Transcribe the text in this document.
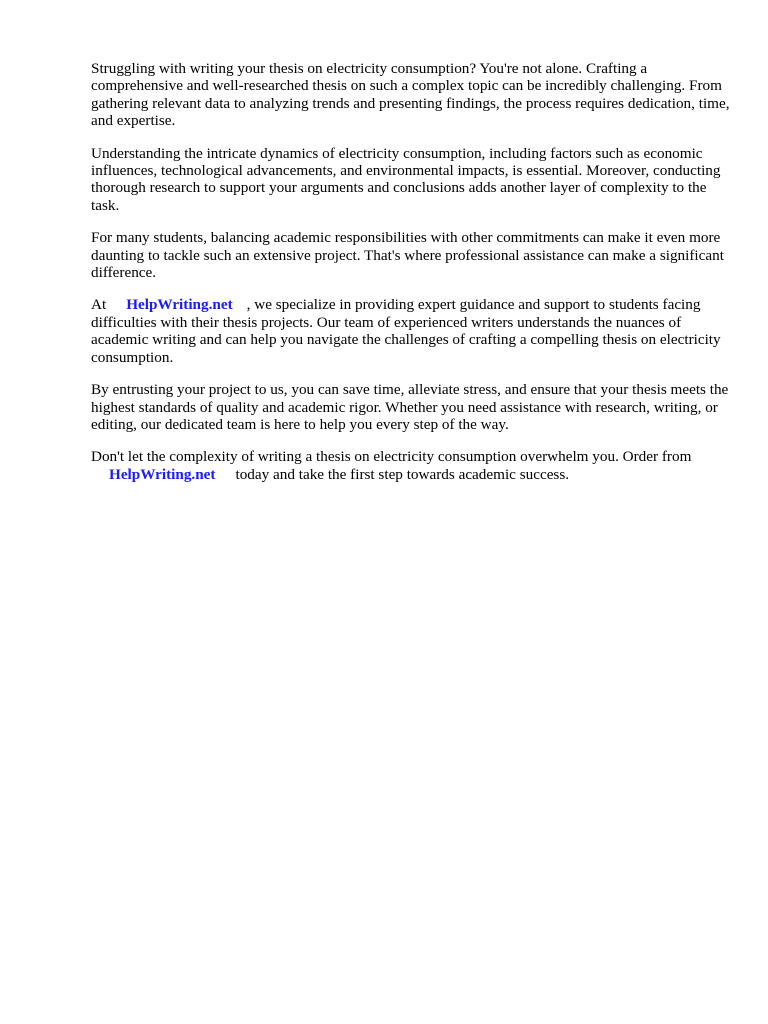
Struggling with writing your thesis on electricity consumption? You're not alone. Crafting a comprehensive and well-researched thesis on such a complex topic can be incredibly challenging. From gathering relevant data to analyzing trends and presenting findings, the process requires dedication, time, and expertise.

Understanding the intricate dynamics of electricity consumption, including factors such as economic influences, technological advancements, and environmental impacts, is essential. Moreover, conducting thorough research to support your arguments and conclusions adds another layer of complexity to the task.

For many students, balancing academic responsibilities with other commitments can make it even more daunting to tackle such an extensive project. That's where professional assistance can make a significant difference.

At HelpWriting.net , we specialize in providing expert guidance and support to students facing difficulties with their thesis projects. Our team of experienced writers understands the nuances of academic writing and can help you navigate the challenges of crafting a compelling thesis on electricity consumption.

By entrusting your project to us, you can save time, alleviate stress, and ensure that your thesis meets the highest standards of quality and academic rigor. Whether you need assistance with research, writing, or editing, our dedicated team is here to help you every step of the way.

Don't let the complexity of writing a thesis on electricity consumption overwhelm you. Order from
HelpWriting.net today and take the first step towards academic success.
